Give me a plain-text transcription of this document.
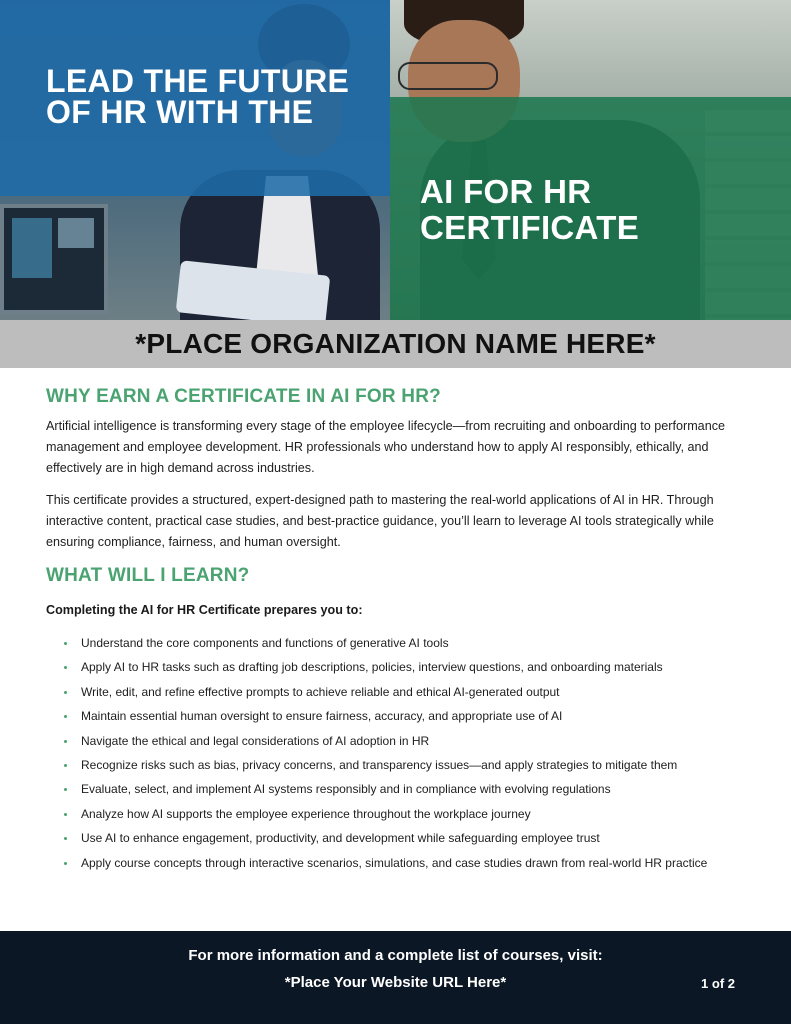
LEAD THE FUTURE OF HR WITH THE
AI FOR HR CERTIFICATE
*PLACE ORGANIZATION NAME HERE*
WHY EARN A CERTIFICATE IN AI FOR HR?

Artificial intelligence is transforming every stage of the employee lifecycle—from recruiting and onboarding to performance management and employee development. HR professionals who understand how to apply AI responsibly, ethically, and effectively are in high demand across industries.

This certificate provides a structured, expert-designed path to mastering the real-world applications of AI in HR. Through interactive content, practical case studies, and best-practice guidance, you’ll learn to leverage AI tools strategically while ensuring compliance, fairness, and human oversight.

WHAT WILL I LEARN?
Completing the AI for HR Certificate prepares you to:
Understand the core components and functions of generative AI tools
Apply AI to HR tasks such as drafting job descriptions, policies, interview questions, and onboarding materials
Write, edit, and refine effective prompts to achieve reliable and ethical AI-generated output
Maintain essential human oversight to ensure fairness, accuracy, and appropriate use of AI
Navigate the ethical and legal considerations of AI adoption in HR
Recognize risks such as bias, privacy concerns, and transparency issues—and apply strategies to mitigate them
Evaluate, select, and implement AI systems responsibly and in compliance with evolving regulations
Analyze how AI supports the employee experience throughout the workplace journey
Use AI to enhance engagement, productivity, and development while safeguarding employee trust
Apply course concepts through interactive scenarios, simulations, and case studies drawn from real-world HR practice
For more information and a complete list of courses, visit:
*Place Your Website URL Here*	1 of 2
